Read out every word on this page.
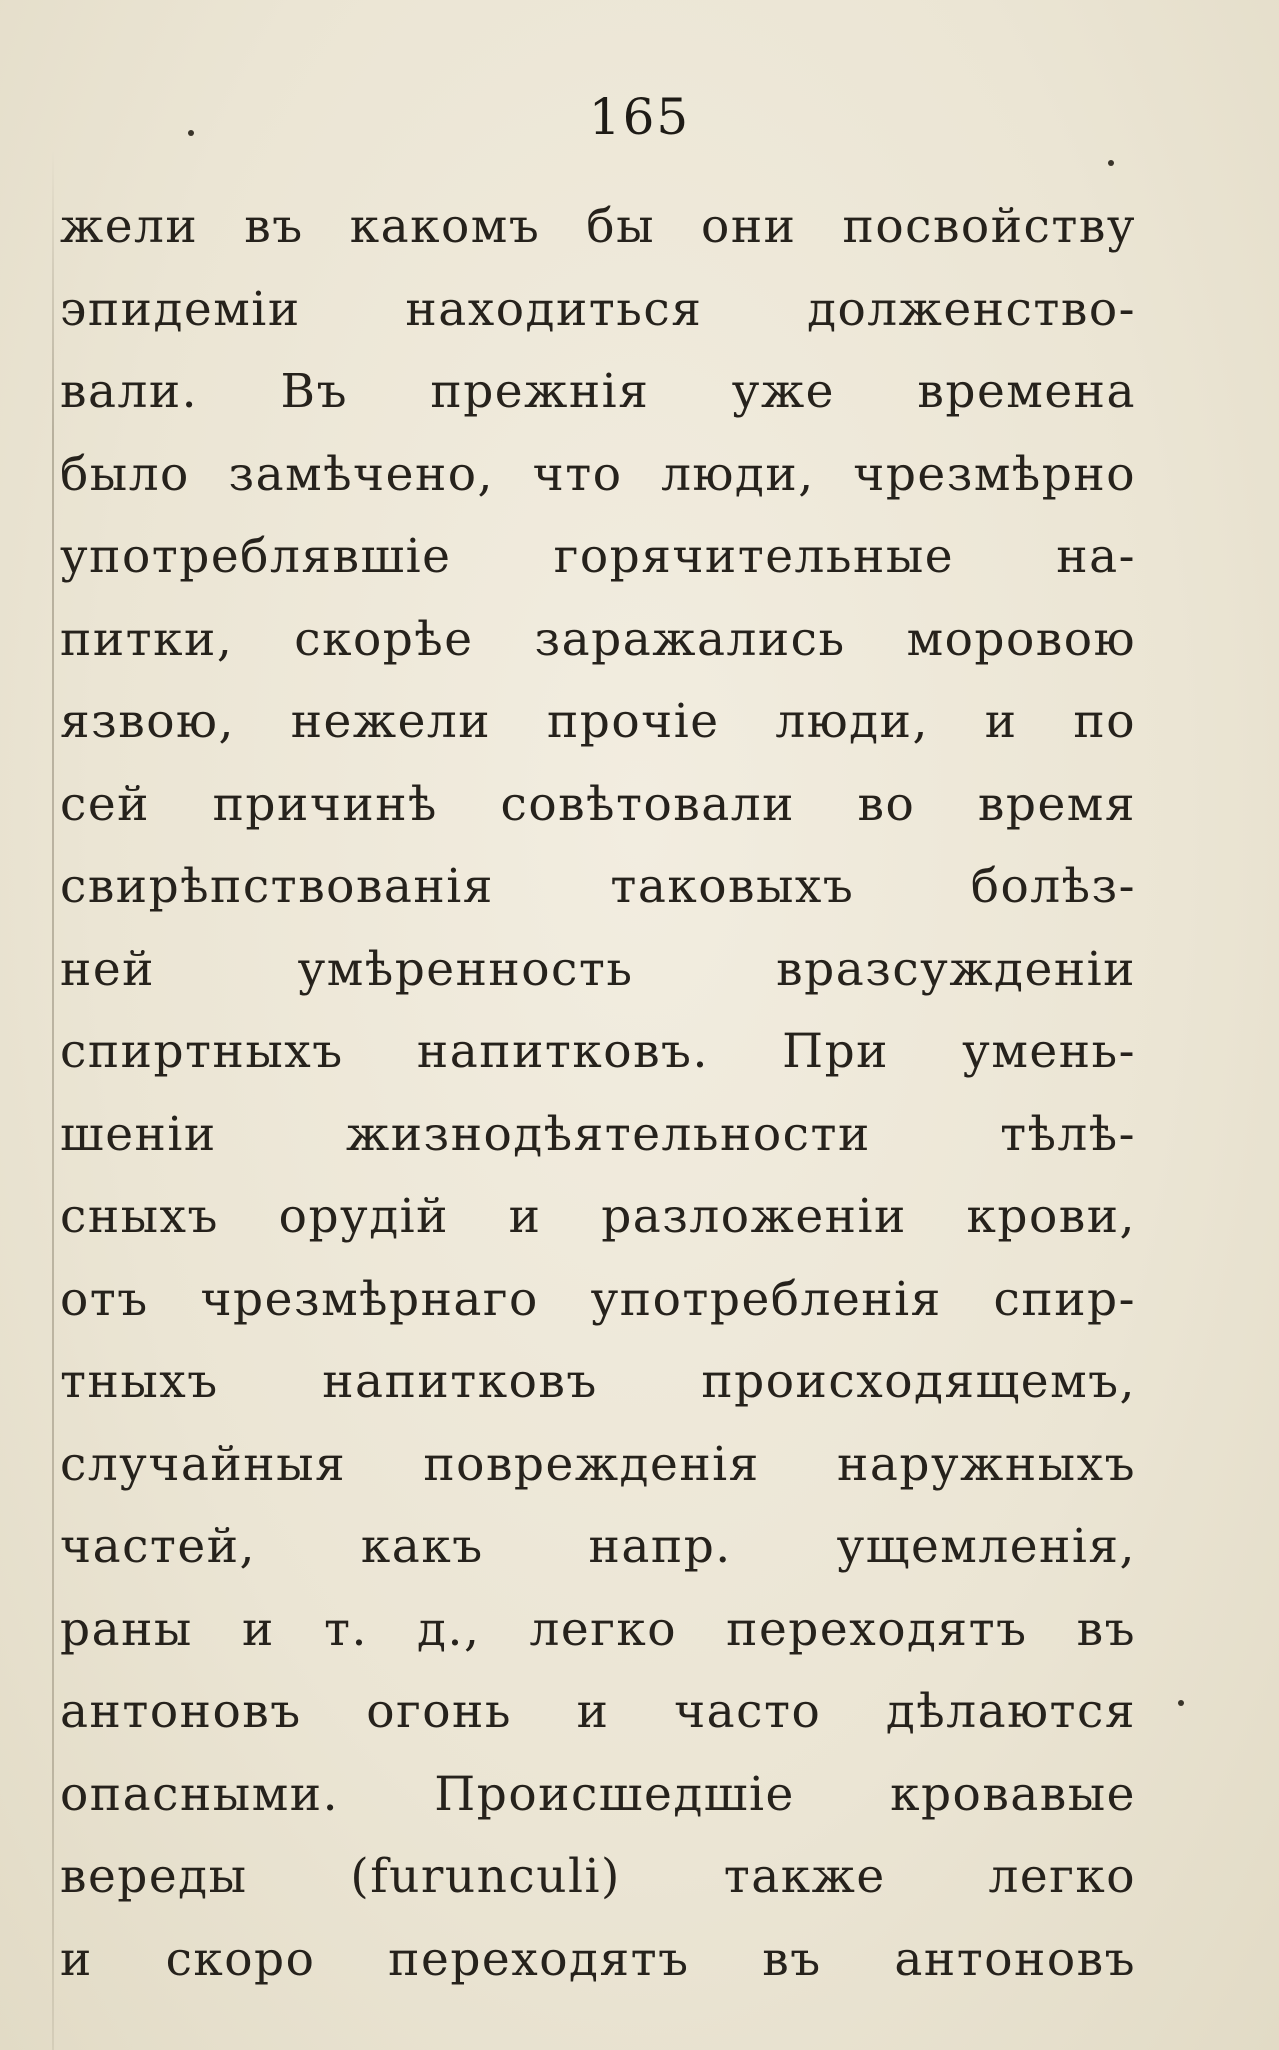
165
жели въ какомъ бы они посвойству
эпидеміи находиться долженство-
вали. Въ прежнія уже времена
было замѣчено, что люди, чрезмѣрно
употреблявшіе горячительные на-
питки, скорѣе заражались моровою
язвою, нежели прочіе люди, и по
сей причинѣ совѣтовали во время
свирѣпствованія таковыхъ болѣз-
ней умѣренность вразсужденіи
спиртныхъ напитковъ. При умень-
шеніи жизнодѣятельности тѣлѣ-
сныхъ орудій и разложеніи крови,
отъ чрезмѣрнаго употребленія спир-
тныхъ напитковъ происходящемъ,
случайныя поврежденія наружныхъ
частей, какъ напр. ущемленія,
раны и т. д., легко переходятъ въ
антоновъ огонь и часто дѣлаются
опасными. Происшедшіе кровавые
вереды (furunculi) также легко
и скоро переходятъ въ антоновъ
